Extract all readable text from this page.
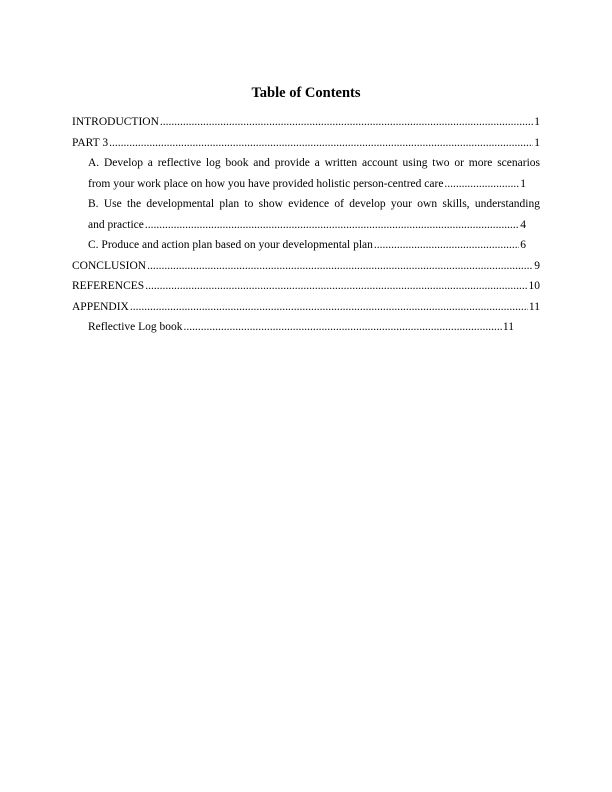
Table of Contents
INTRODUCTION .....	1
PART 3 .....	1
A. Develop a reflective log book and provide a written account using two or more scenarios
from your work place on how you have provided holistic person-centred care .....	1
B. Use the developmental plan to show evidence of develop your own skills, understanding
and practice .....	4
C. Produce and action plan based on your developmental plan .....	6
CONCLUSION .....	9
REFERENCES .....	10
APPENDIX .....	11
Reflective Log book .....	11
